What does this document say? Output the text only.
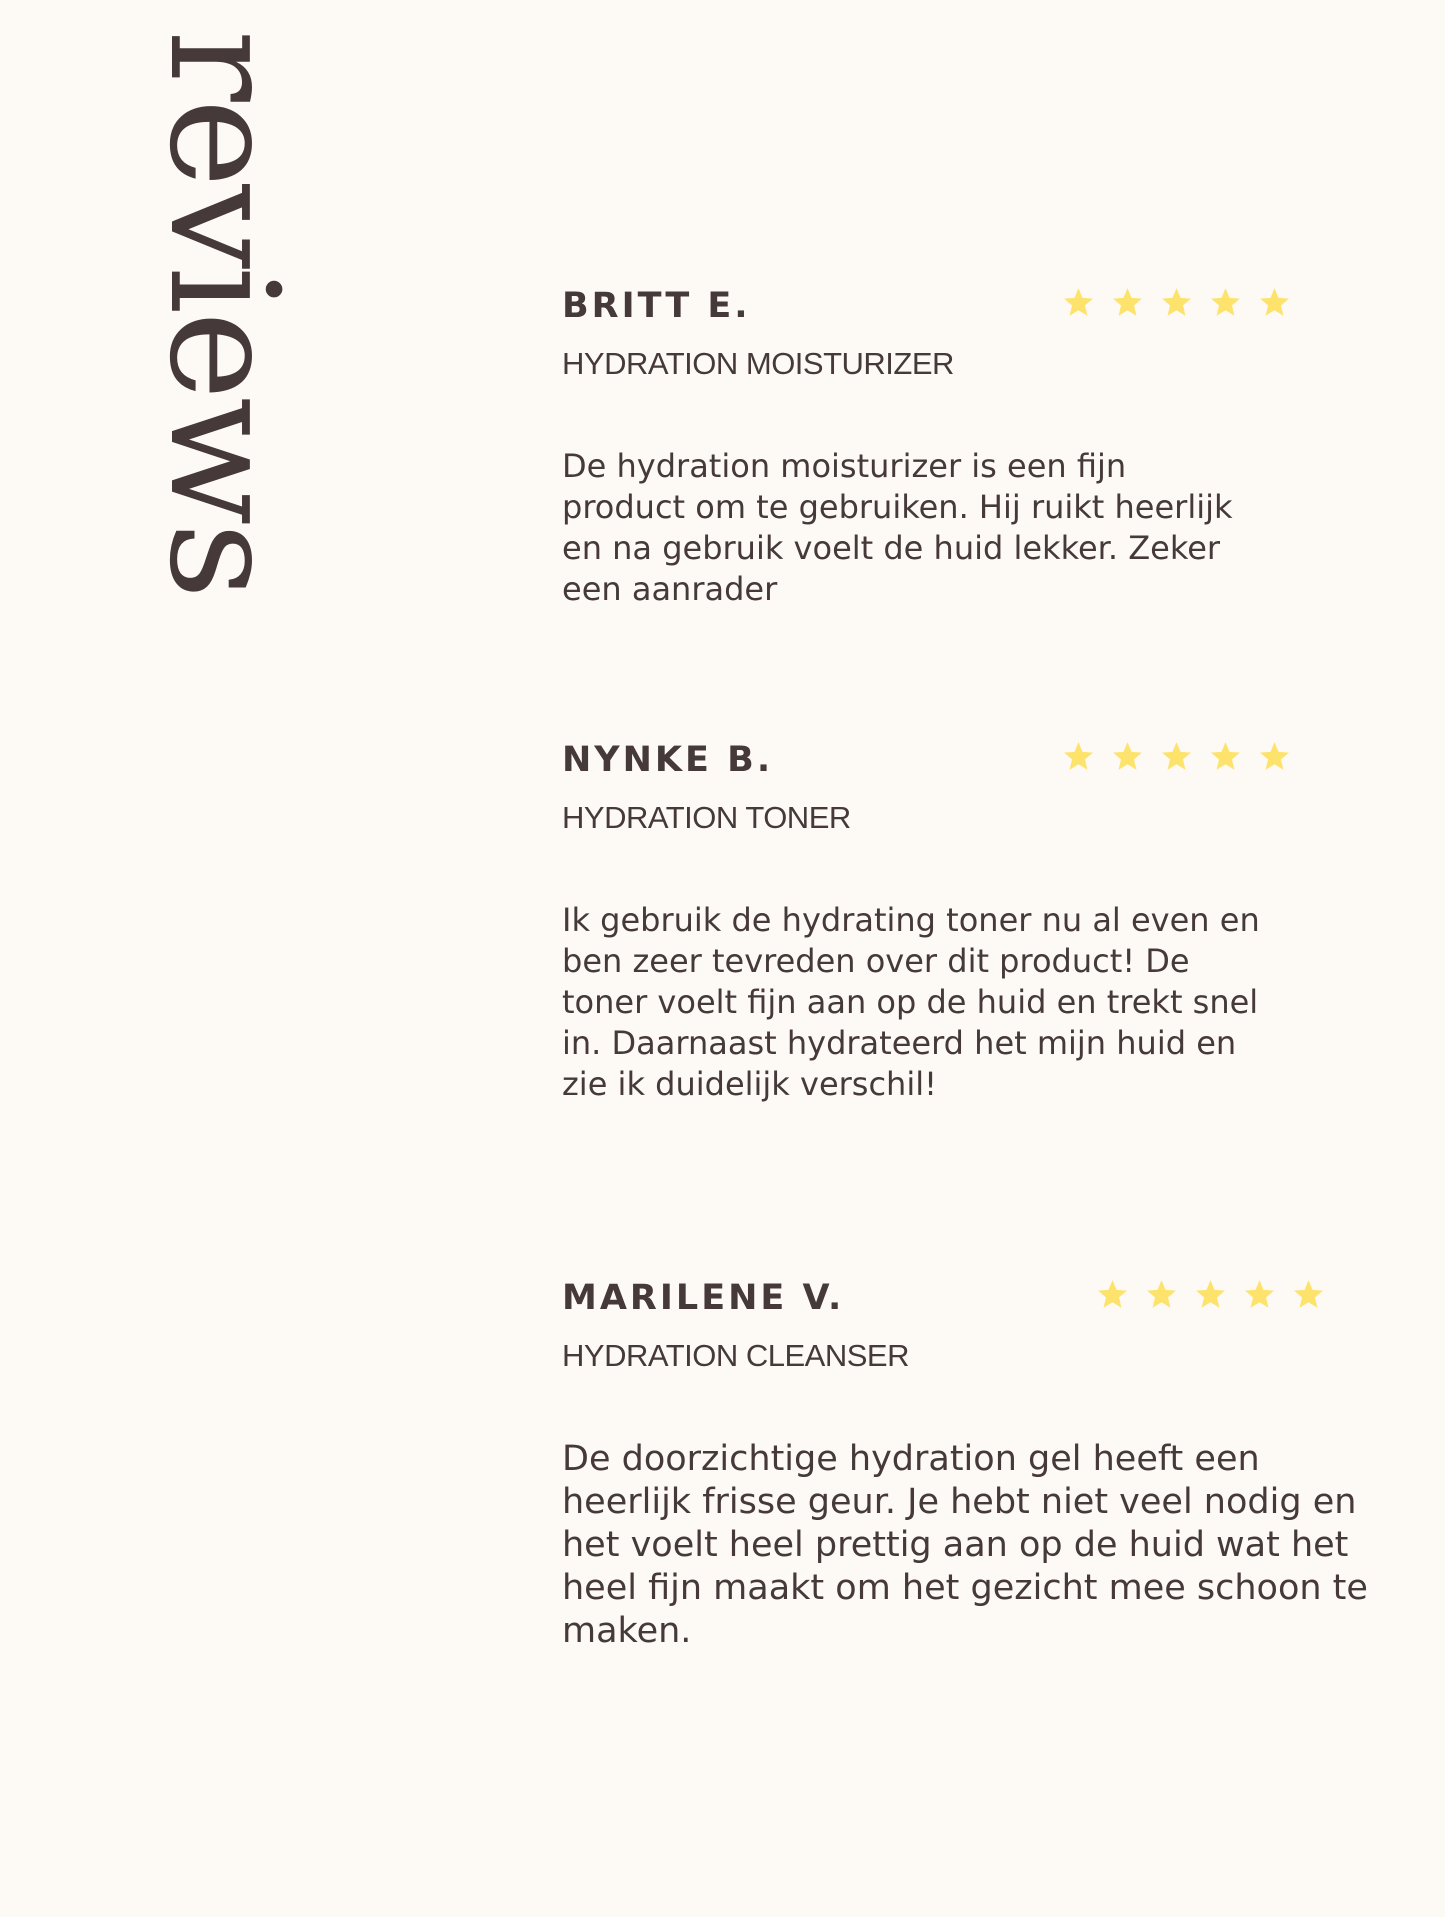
reviews	BRITT E.
HYDRATION MOISTURIZER
De hydration moisturizer is een fijn product om te gebruiken. Hij ruikt heerlijk en na gebruik voelt de huid lekker. Zeker een aanrader
NYNKE B.
HYDRATION TONER
Ik gebruik de hydrating toner nu al even en ben zeer tevreden over dit product! De toner voelt fijn aan op de huid en trekt snel in. Daarnaast hydrateerd het mijn huid en zie ik duidelijk verschil!
MARILENE V.
HYDRATION CLEANSER
De doorzichtige hydration gel heeft een heerlijk frisse geur. Je hebt niet veel nodig en het voelt heel prettig aan op de huid wat het heel fijn maakt om het gezicht mee schoon te maken.
